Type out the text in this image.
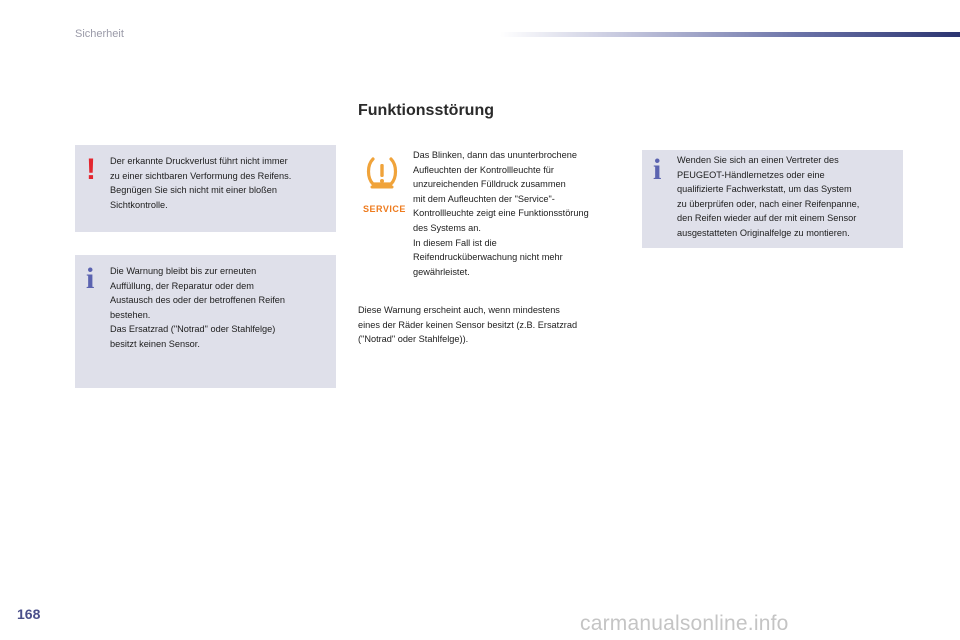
Sicherheit
! Der erkannte Druckverlust führt nicht immer
zu einer sichtbaren Verformung des Reifens.
Begnügen Sie sich nicht mit einer bloßen
Sichtkontrolle.
i Die Warnung bleibt bis zur erneuten
Auffüllung, der Reparatur oder dem
Austausch des oder der betroffenen Reifen
bestehen.
Das Ersatzrad ("Notrad" oder Stahlfelge)
besitzt keinen Sensor.
Funktionsstörung
SERVICE
Das Blinken, dann das ununterbrochene
Aufleuchten der Kontrollleuchte für
unzureichenden Fülldruck zusammen
mit dem Aufleuchten der "Service"-
Kontrollleuchte zeigt eine Funktionsstörung
des Systems an.
In diesem Fall ist die
Reifendrucküberwachung nicht mehr
gewährleistet.
Diese Warnung erscheint auch, wenn mindestens
eines der Räder keinen Sensor besitzt (z.B. Ersatzrad
("Notrad" oder Stahlfelge)).
i Wenden Sie sich an einen Vertreter des
PEUGEOT-Händlernetzes oder eine
qualifizierte Fachwerkstatt, um das System
zu überprüfen oder, nach einer Reifenpanne,
den Reifen wieder auf der mit einem Sensor
ausgestatteten Originalfelge zu montieren.
168	carmanualsonline.info
